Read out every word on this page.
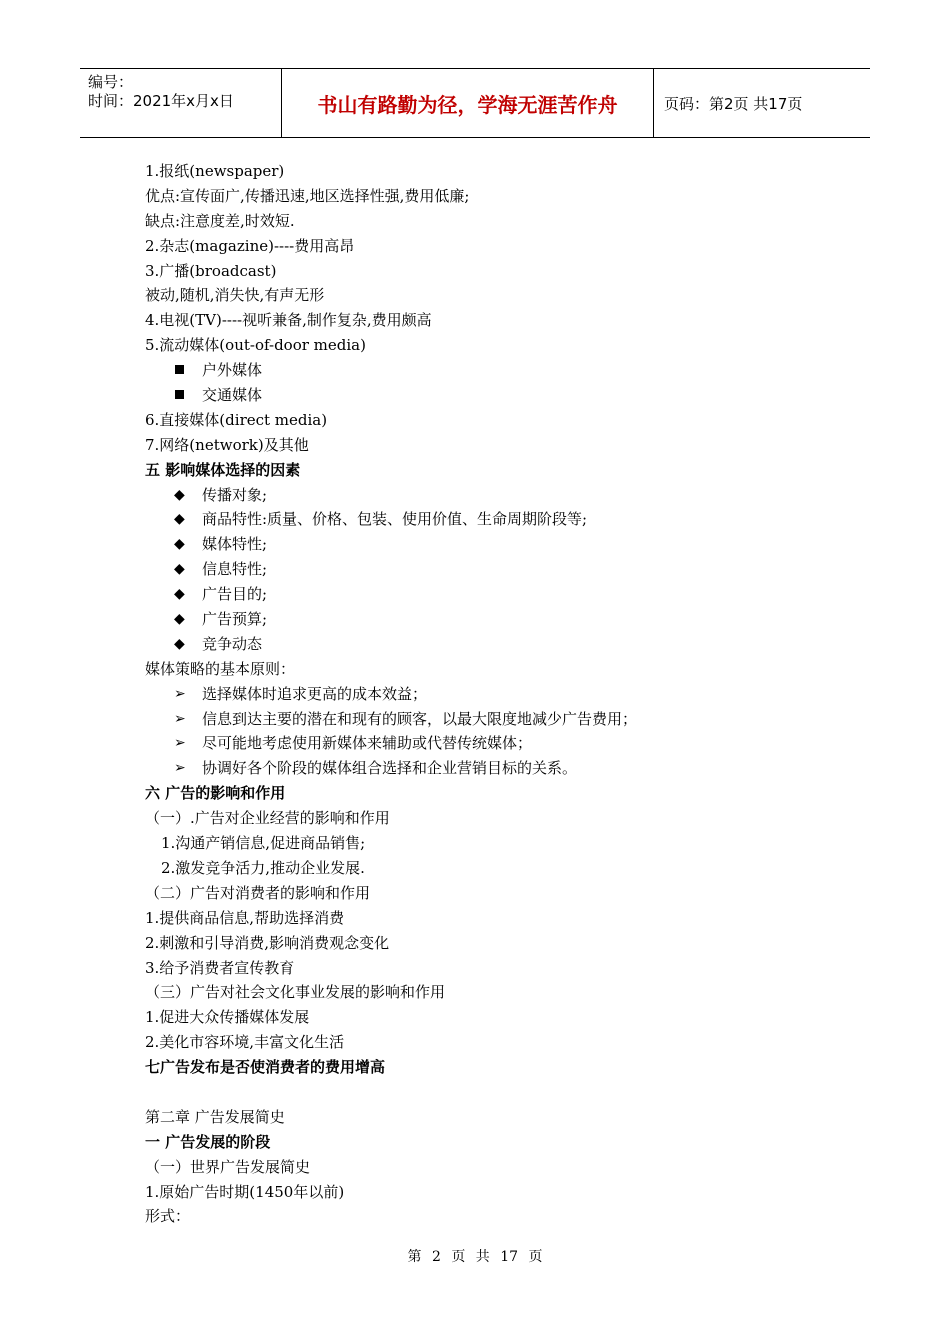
编号：
时间：2021年x月x日	书山有路勤为径，学海无涯苦作舟	页码：第2页 共17页
1.报纸(newspaper)
优点:宣传面广,传播迅速,地区选择性强,费用低廉;
缺点:注意度差,时效短.
2.杂志(magazine)----费用高昂
3.广播(broadcast)
被动,随机,消失快,有声无形
4.电视(TV)----视听兼备,制作复杂,费用颇高
5.流动媒体(out-of-door media)
户外媒体
交通媒体
6.直接媒体(direct media)
7.网络(network)及其他
五 影响媒体选择的因素
◆	传播对象;
◆	商品特性:质量、价格、包装、使用价值、生命周期阶段等;
◆	媒体特性;
◆	信息特性;
◆	广告目的;
◆	广告预算;
◆	竞争动态
媒体策略的基本原则：
➢	选择媒体时追求更高的成本效益；
➢	信息到达主要的潜在和现有的顾客，以最大限度地减少广告费用；
➢	尽可能地考虑使用新媒体来辅助或代替传统媒体；
➢	协调好各个阶段的媒体组合选择和企业营销目标的关系。
六 广告的影响和作用
（一）.广告对企业经营的影响和作用
1.沟通产销信息,促进商品销售;
2.激发竞争活力,推动企业发展.
（二）广告对消费者的影响和作用
1.提供商品信息,帮助选择消费
2.刺激和引导消费,影响消费观念变化
3.给予消费者宣传教育
（三）广告对社会文化事业发展的影响和作用
1.促进大众传播媒体发展
2.美化市容环境,丰富文化生活
七广告发布是否使消费者的费用增高
第二章 广告发展简史
一 广告发展的阶段
（一）世界广告发展简史
1.原始广告时期(1450年以前)
形式：
第 2 页 共 17 页
